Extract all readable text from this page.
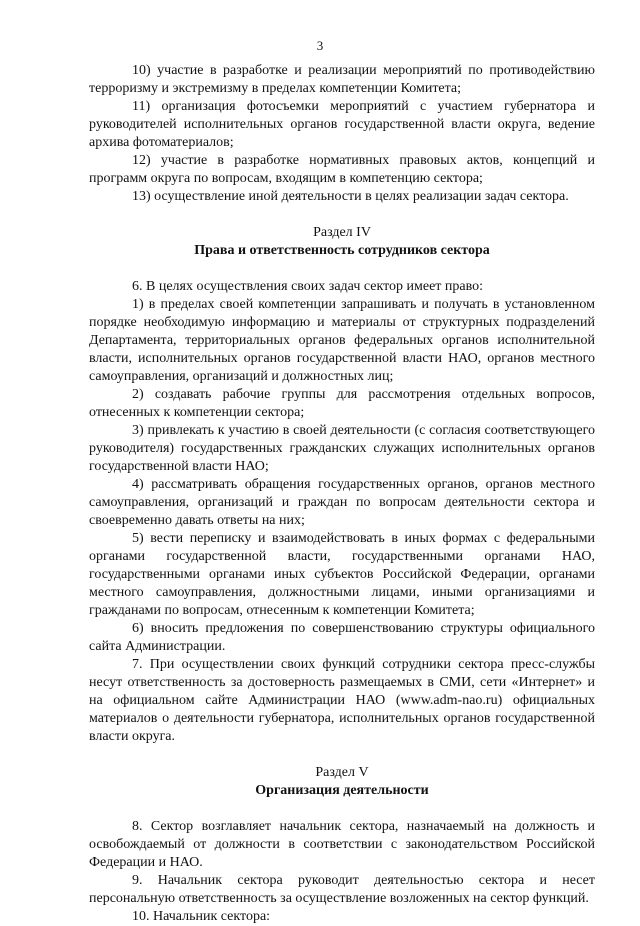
3

10) участие в разработке и реализации мероприятий по противодействию терроризму и экстремизму в пределах компетенции Комитета;

11) организация фотосъемки мероприятий с участием губернатора и руководителей исполнительных органов государственной власти округа, ведение архива фотоматериалов;

12) участие в разработке нормативных правовых актов, концепций и программ округа по вопросам, входящим в компетенцию сектора;

13) осуществление иной деятельности в целях реализации задач сектора.

Раздел IV

Права и ответственность сотрудников сектора

6. В целях осуществления своих задач сектор имеет право:

1) в пределах своей компетенции запрашивать и получать в установленном порядке необходимую информацию и материалы от структурных подразделений Департамента, территориальных органов федеральных органов исполнительной власти, исполнительных органов государственной власти НАО, органов местного самоуправления, организаций и должностных лиц;

2) создавать рабочие группы для рассмотрения отдельных вопросов, отнесенных к компетенции сектора;

3) привлекать к участию в своей деятельности (с согласия соответствующего руководителя) государственных гражданских служащих исполнительных органов государственной власти НАО;

4) рассматривать обращения государственных органов, органов местного самоуправления, организаций и граждан по вопросам деятельности сектора и своевременно давать ответы на них;

5) вести переписку и взаимодействовать в иных формах с федеральными органами государственной власти, государственными органами НАО, государственными органами иных субъектов Российской Федерации, органами местного самоуправления, должностными лицами, иными организациями и гражданами по вопросам, отнесенным к компетенции Комитета;

6) вносить предложения по совершенствованию структуры официального сайта Администрации.

7. При осуществлении своих функций сотрудники сектора пресс-службы несут ответственность за достоверность размещаемых в СМИ, сети «Интернет» и на официальном сайте Администрации НАО (www.adm-nao.ru) официальных материалов о деятельности губернатора, исполнительных органов государственной власти округа.

Раздел V

Организация деятельности

8. Сектор возглавляет начальник сектора, назначаемый на должность и освобождаемый от должности в соответствии с законодательством Российской Федерации и НАО.

9. Начальник сектора руководит деятельностью сектора и несет персональную ответственность за осуществление возложенных на сектор функций.

10. Начальник сектора:
